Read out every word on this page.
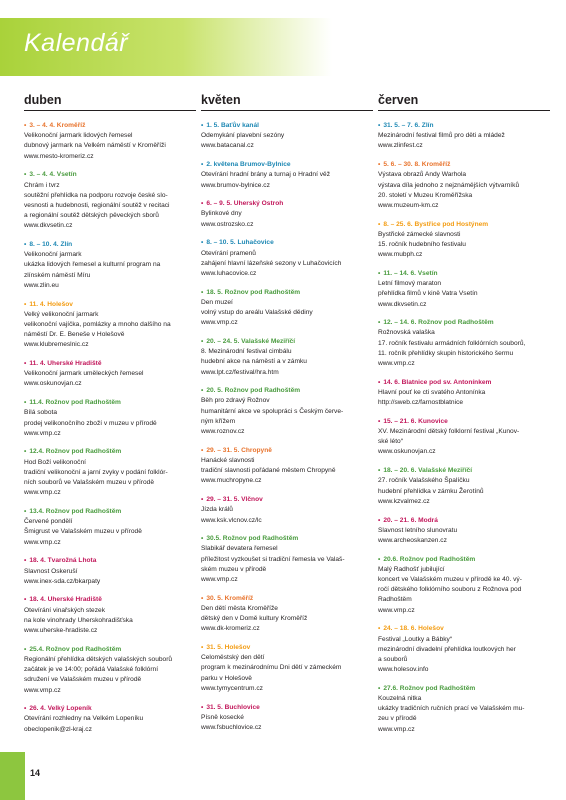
Kalendář
duben
• 3. – 4. 4. Kroměříž
Velikonoční jarmark lidových řemesel
dubnový jarmark na Velkém náměstí v Kroměříži
www.mesto-kromeriz.cz
• 3. – 4. 4. Vsetín
Chrám i tvrz
soutěžní přehlídka na podporu rozvoje české slo-
vesnosti a hudebnosti, regionální soutěž v recitaci
a regionální soutěž dětských pěveckých sborů
www.dkvsetin.cz
• 8. – 10. 4. Zlín
Velikonoční jarmark
ukázka lidových řemesel a kulturní program na
zlínském náměstí Míru
www.zlin.eu
• 11. 4. Holešov
Velký velikonoční jarmark
velikonoční vajíčka, pomlázky a mnoho dalšího na
náměstí Dr. E. Beneše v Holešově
www.klubremeslnic.cz
• 11. 4. Uherské Hradiště
Velikonoční jarmark uměleckých řemesel
www.oskunovjan.cz
• 11.4. Rožnov pod Radhoštěm
Bílá sobota
prodej velikonočního zboží v muzeu v přírodě
www.vmp.cz
• 12.4. Rožnov pod Radhoštěm
Hod Boží velikonoční
tradiční velikonoční a jarní zvyky v podání folklór-
ních souborů ve Valašském muzeu v přírodě
www.vmp.cz
• 13.4. Rožnov pod Radhoštěm
Červené pondělí
Šmigrust ve Valašském muzeu v přírodě
www.vmp.cz
• 18. 4. Tvarožná Lhota
Slavnost Oskeruší
www.inex-sda.cz/bkarpaty
• 18. 4. Uherské Hradiště
Otevírání vinařských stezek
na kole vinohrady Uherskohradišťska
www.uherske-hradiste.cz
• 25.4. Rožnov pod Radhoštěm
Regionální přehlídka dětských valašských souborů
začátek je ve 14:00; pořádá Valašské folklórní
sdružení ve Valašském muzeu v přírodě
www.vmp.cz
• 26. 4. Velký Lopeník
Otevírání rozhledny na Velkém Lopeníku
obeclopenik@zl-kraj.cz
květen
• 1. 5. Baťův kanál
Odemykání plavební sezóny
www.batacanal.cz
• 2. květena Brumov-Bylnice
Otevírání hradní brány a turnaj o Hradní věž
www.brumov-bylnice.cz
• 6. – 9. 5. Uherský Ostroh
Bylinkové dny
www.ostrozsko.cz
• 8. – 10. 5. Luhačovice
Otevírání pramenů
zahájení hlavní lázeňské sezony v Luhačovicích
www.luhacovice.cz
• 18. 5. Rožnov pod Radhoštěm
Den muzeí
volný vstup do areálu Valašské dědiny
www.vmp.cz
• 20. – 24. 5. Valašské Meziříčí
8. Mezinárodní festival cimbálu
hudební akce na náměstí a v zámku
www.lpt.cz/festival/hra.htm
• 20. 5. Rožnov pod Radhoštěm
Běh pro zdravý Rožnov
humanitární akce ve spolupráci s Českým červe-
ným křížem
www.roznov.cz
• 29. – 31. 5. Chropyně
Hanácké slavnosti
tradiční slavnosti pořádané městem Chropyně
www.muchropyne.cz
• 29. – 31. 5. Vlčnov
Jízda králů
www.ksk.vlcnov.cz/lc
• 30.5. Rožnov pod Radhoštěm
Slabikář devatera řemesel
příležitost vyzkoušet si tradiční řemesla ve Valaš-
ském muzeu v přírodě
www.vmp.cz
• 30. 5. Kroměříž
Den dětí města Kroměříže
dětský den v Domě kultury Kroměříž
www.dk-kromeriz.cz
• 31. 5. Holešov
Celoměstský den dětí
program k mezinárodnímu Dni dětí v zámeckém
parku v Holešově
www.tymycentrum.cz
• 31. 5. Buchlovice
Písně kosecké
www.fsbuchlovice.cz
červen
• 31. 5. – 7. 6. Zlín
Mezinárodní festival filmů pro děti a mládež
www.zlinfest.cz
• 5. 6. – 30. 8. Kroměříž
Výstava obrazů Andy Warhola
výstava díla jednoho z nejznámějších výtvarníků
20. století v Muzeu Kroměřížska
www.muzeum-km.cz
• 8. – 25. 6. Bystřice pod Hostýnem
Bystřické zámecké slavnosti
15. ročník hudebního festivalu
www.mubph.cz
• 11. – 14. 6. Vsetín
Letní filmový maraton
přehlídka filmů v kině Vatra Vsetín
www.dkvsetin.cz
• 12. – 14. 6. Rožnov pod Radhoštěm
Rožnovská valaška
17. ročník festivalu armádních folklórních souborů,
11. ročník přehlídky skupin historického šermu
www.vmp.cz
• 14. 6. Blatnice pod sv. Antonínkem
Hlavní pouť ke cti svatého Antonínka
http://sweb.cz/farnostblatnice
• 15. – 21. 6. Kunovice
XV. Mezinárodní dětský folklorní festival „Kunov-
ské léto“
www.oskunovjan.cz
• 18. – 20. 6. Valašské Meziříčí
27. ročník Valašského Špalíčku
hudební přehlídka v zámku Žerotínů
www.kzvalmez.cz
• 20. – 21. 6. Modrá
Slavnost letního slunovratu
www.archeoskanzen.cz
• 20.6. Rožnov pod Radhoštěm
Malý Radhošť jubilující
koncert ve Valašském muzeu v přírodě ke 40. vý-
ročí dětského folklórního souboru z Rožnova pod
Radhoštěm
www.vmp.cz
• 24. – 18. 6. Holešov
Festival „Loutky a Bábky“
mezinárodní divadelní přehlídka loutkových her
a souborů
www.holesov.info
• 27.6. Rožnov pod Radhoštěm
Kouzelná nitka
ukázky tradičních ručních prací ve Valašském mu-
zeu v přírodě
www.vmp.cz
14
